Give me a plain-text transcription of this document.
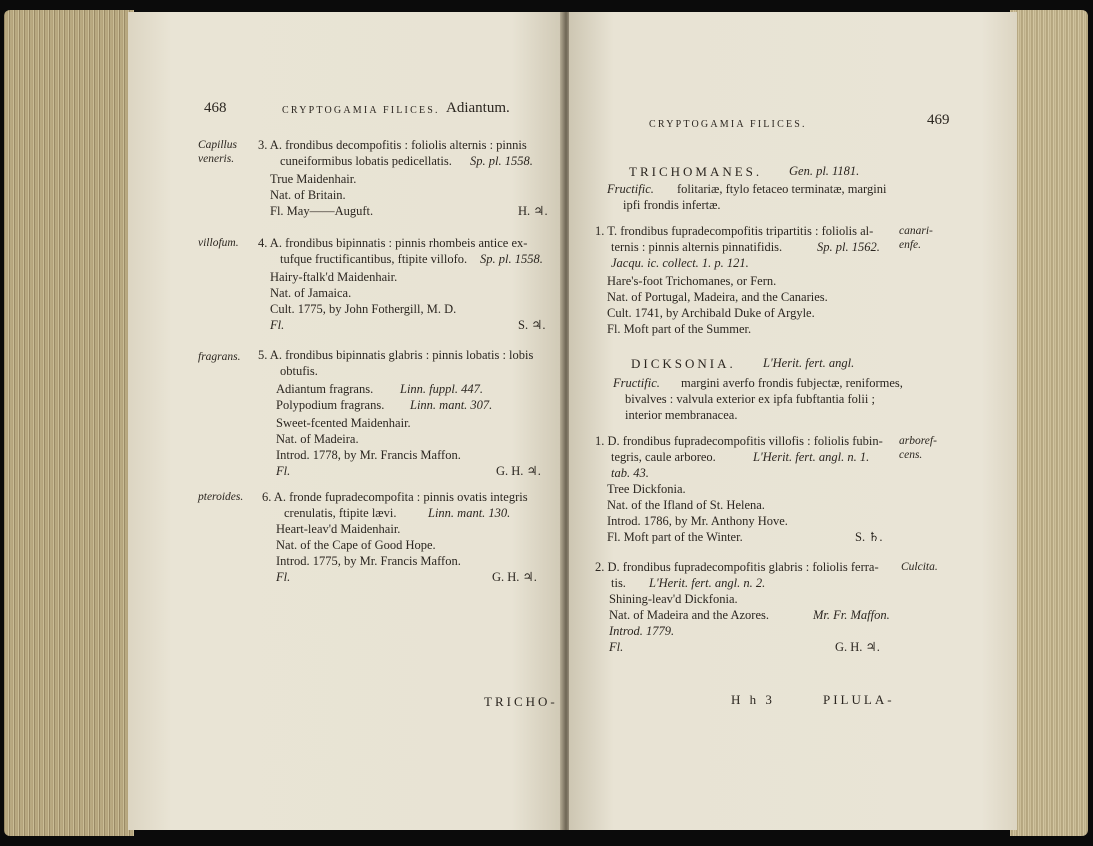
468	CRYPTOGAMIA FILICES. Adiantum.
Capillus
veneris.
3. A. frondibus decompofitis : foliolis alternis : pinnis
cuneiformibus lobatis pedicellatis. Sp. pl. 1558.
True Maidenhair.
Nat. of Britain.
Fl. May——Auguft.	H. ♃.
villofum. 4. A. frondibus bipinnatis : pinnis rhombeis antice ex-
tufque fructificantibus, ftipite villofo. Sp. pl. 1558.
Hairy-ftalk'd Maidenhair.
Nat. of Jamaica.
Cult. 1775, by John Fothergill, M. D.
Fl.	S. ♃.
fragrans. 5. A. frondibus bipinnatis glabris : pinnis lobatis : lobis
obtufis.
Adiantum fragrans. Linn. fuppl. 447.
Polypodium fragrans. Linn. mant. 307.
Sweet-fcented Maidenhair.
Nat. of Madeira.
Introd. 1778, by Mr. Francis Maffon.
Fl.	G. H. ♃.
pteroides. 6. A. fronde fupradecompofita : pinnis ovatis integris
crenulatis, ftipite lævi.	Linn. mant. 130.
Heart-leav'd Maidenhair.
Nat. of the Cape of Good Hope.
Introd. 1775, by Mr. Francis Maffon.
Fl.	G. H. ♃.
TRICHO-
CRYPTOGAMIA FILICES.	469
TRICHOMANES. Gen. pl. 1181.
Fructific. folitariæ, ftylo fetaceo terminatæ, margini
ipfi frondis infertæ.
canari-
enfe.
1. T. frondibus fupradecompofitis tripartitis : foliolis al-
ternis : pinnis alternis pinnatifidis.	Sp. pl. 1562.
Jacqu. ic. collect. 1. p. 121.
Hare's-foot Trichomanes, or Fern.
Nat. of Portugal, Madeira, and the Canaries.
Cult. 1741, by Archibald Duke of Argyle.
Fl. Moft part of the Summer.
DICKSONIA. L'Herit. fert. angl.
Fructific. margini averfo frondis fubjectæ, reniformes,
bivalves : valvula exterior ex ipfa fubftantia folii ;
interior membranacea.
arboref-
cens.
1. D. frondibus fupradecompofitis villofis : foliolis fubin-
tegris, caule arboreo.	L'Herit. fert. angl. n. 1.
tab. 43.
Tree Dickfonia.
Nat. of the Ifland of St. Helena.
Introd. 1786, by Mr. Anthony Hove.
Fl. Moft part of the Winter.	S. ♄.
Culcita.
2. D. frondibus fupradecompofitis glabris : foliolis ferra-
tis. L'Herit. fert. angl. n. 2.
Shining-leav'd Dickfonia.
Nat. of Madeira and the Azores.	Mr. Fr. Maffon.
Introd. 1779.
Fl.	G. H. ♃.
H h 3	PILULA-
